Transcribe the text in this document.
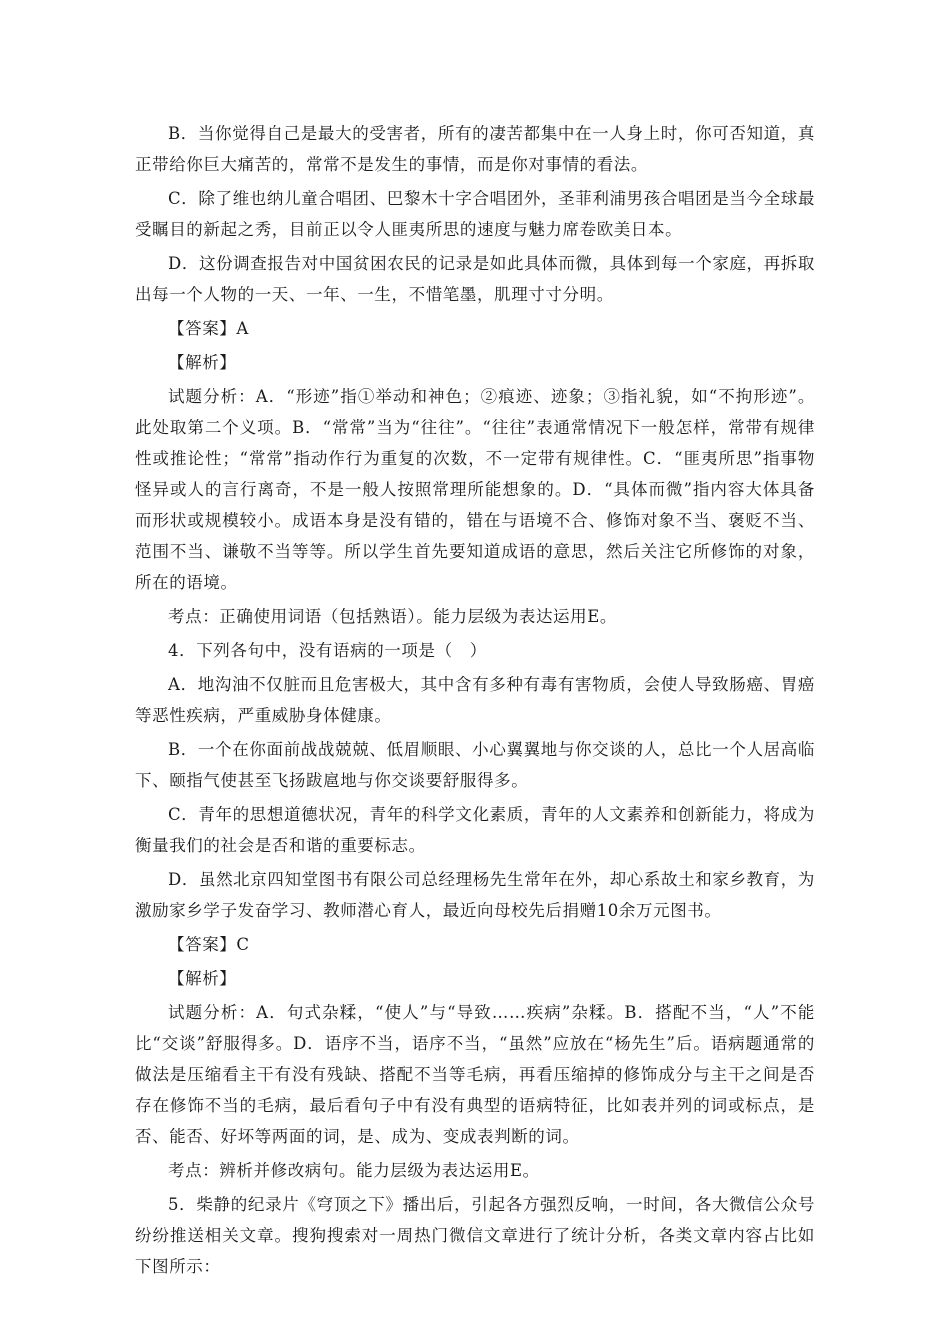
B．当你觉得自己是最大的受害者，所有的凄苦都集中在一人身上时，你可否知道，真正带给你巨大痛苦的，常常不是发生的事情，而是你对事情的看法。

C．除了维也纳儿童合唱团、巴黎木十字合唱团外，圣菲利浦男孩合唱团是当今全球最受瞩目的新起之秀，目前正以令人匪夷所思的速度与魅力席卷欧美日本。

D．这份调查报告对中国贫困农民的记录是如此具体而微，具体到每一个家庭，再拆取出每一个人物的一天、一年、一生，不惜笔墨，肌理寸寸分明。

【答案】A

【解析】

试题分析：A．“形迹”指①举动和神色；②痕迹、迹象；③指礼貌，如“不拘形迹”。此处取第二个义项。B．“常常”当为“往往”。“往往”表通常情况下一般怎样，常带有规律性或推论性；“常常”指动作行为重复的次数，不一定带有规律性。C．“匪夷所思”指事物怪异或人的言行离奇，不是一般人按照常理所能想象的。D．“具体而微”指内容大体具备而形状或规模较小。成语本身是没有错的，错在与语境不合、修饰对象不当、褒贬不当、范围不当、谦敬不当等等。所以学生首先要知道成语的意思，然后关注它所修饰的对象，所在的语境。

考点：正确使用词语（包括熟语）。能力层级为表达运用E。

4．下列各句中，没有语病的一项是（　）

A．地沟油不仅脏而且危害极大，其中含有多种有毒有害物质，会使人导致肠癌、胃癌等恶性疾病，严重威胁身体健康。

B．一个在你面前战战兢兢、低眉顺眼、小心翼翼地与你交谈的人，总比一个人居高临下、颐指气使甚至飞扬跋扈地与你交谈要舒服得多。

C．青年的思想道德状况，青年的科学文化素质，青年的人文素养和创新能力，将成为衡量我们的社会是否和谐的重要标志。

D．虽然北京四知堂图书有限公司总经理杨先生常年在外，却心系故土和家乡教育，为激励家乡学子发奋学习、教师潜心育人，最近向母校先后捐赠10余万元图书。

【答案】C

【解析】

试题分析：A．句式杂糅，“使人”与“导致……疾病”杂糅。B．搭配不当，“人”不能比“交谈”舒服得多。D．语序不当，语序不当，“虽然”应放在“杨先生”后。语病题通常的做法是压缩看主干有没有残缺、搭配不当等毛病，再看压缩掉的修饰成分与主干之间是否存在修饰不当的毛病，最后看句子中有没有典型的语病特征，比如表并列的词或标点，是否、能否、好坏等两面的词，是、成为、变成表判断的词。

考点：辨析并修改病句。能力层级为表达运用E。

5．柴静的纪录片《穹顶之下》播出后，引起各方强烈反响，一时间，各大微信公众号纷纷推送相关文章。搜狗搜索对一周热门微信文章进行了统计分析，各类文章内容占比如下图所示：
